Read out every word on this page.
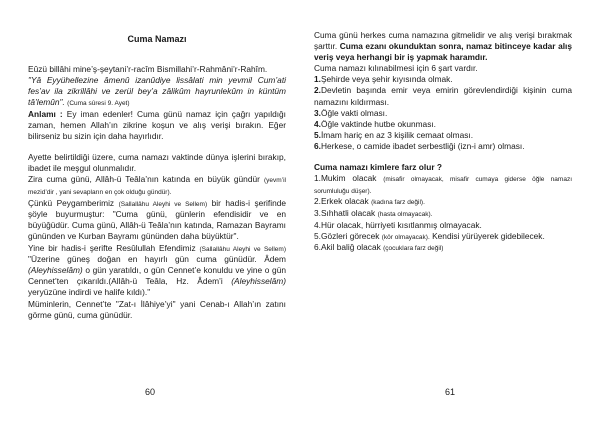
Cuma Namazı

Eûzü billâhi mine’ş-şeytani’r-racîm Bismillahi’r-Rahmâni’r-Rahîm.

"Yâ Eyyühellezine âmenû izanûdiye lissâlati min yevmil Cum’ati fes’av ila zikrillâhi ve zerül bey’a zâlikûm hayrunlekûm in küntüm tâ’lemûn". (Cuma sûresi 9. Ayet)

Anlamı : Ey iman edenler! Cuma günü namaz için çağrı yapıldığı zaman, hemen Allah’ın zikrine koşun ve alış verişi bırakın. Eğer bilirseniz bu sizin için daha hayırlıdır.

Ayette belirtildiği üzere, cuma namazı vaktinde dünya işlerini bırakıp, ibadet ile meşgul olunmalıdır.

Zira cuma günü, Allâh-ü Teâla’nın katında en büyük gündür (yevm’il mezid’dir , yani sevapların en çok olduğu gündür).

Çünkü Peygamberimiz (Sallallâhu Aleyhi ve Sellem) bir hadis-i şerifinde şöyle buyurmuştur: "Cuma günü, günlerin efendisidir ve en büyüğüdür. Cuma günü, Allâh-ü Teâla’nın katında, Ramazan Bayramı gününden ve Kurban Bayramı gününden daha büyüktür".

Yine bir hadis-i şerifte Resûlullah Efendimiz (Sallallâhu Aleyhi ve Sellem) "Üzerine güneş doğan en hayırlı gün cuma günüdür. Âdem (Aleyhisselâm) o gün yaratıldı, o gün Cennet’e konuldu ve yine o gün Cennet’ten çıkarıldı.(Allâh-ü Teâla, Hz. Âdem’i (Aleyhisselâm) yeryüzüne indirdi ve halife kıldı)."

Müminlerin, Cennet’te "Zat-ı İlâhiye’yi" yani Cenab-ı Allah’ın zatını görme günü, cuma günüdür.

60

Cuma günü herkes cuma namazına gitmelidir ve alış verişi bırakmak şarttır. Cuma ezanı okunduktan sonra, namaz bitinceye kadar alış veriş veya herhangi bir iş yapmak haramdır.

Cuma namazı kılınabilmesi için 6 şart vardır.

1.Şehirde veya şehir kıyısında olmak.

2.Devletin başında emir veya emirin görevlendirdiği kişinin cuma namazını kıldırması.

3.Öğle vakti olması.

4.Öğle vaktinde hutbe okunması.

5.İmam hariç en az 3 kişilik cemaat olması.

6.Herkese, o camide ibadet serbestliği (izn-i amr) olması.

Cuma namazı kimlere farz olur ?

1.Mukim olacak (misafir olmayacak, misafir cumaya giderse öğle namazı sorumluluğu düşer).

2.Erkek olacak (kadına farz değil).

3.Sıhhatli olacak (hasta olmayacak).

4.Hür olacak, hürriyeti kısıtlanmış olmayacak.

5.Gözleri görecek (kör olmayacak). Kendisi yürüyerek gidebilecek.

6.Akil baliğ olacak (çocuklara farz değil)

61
